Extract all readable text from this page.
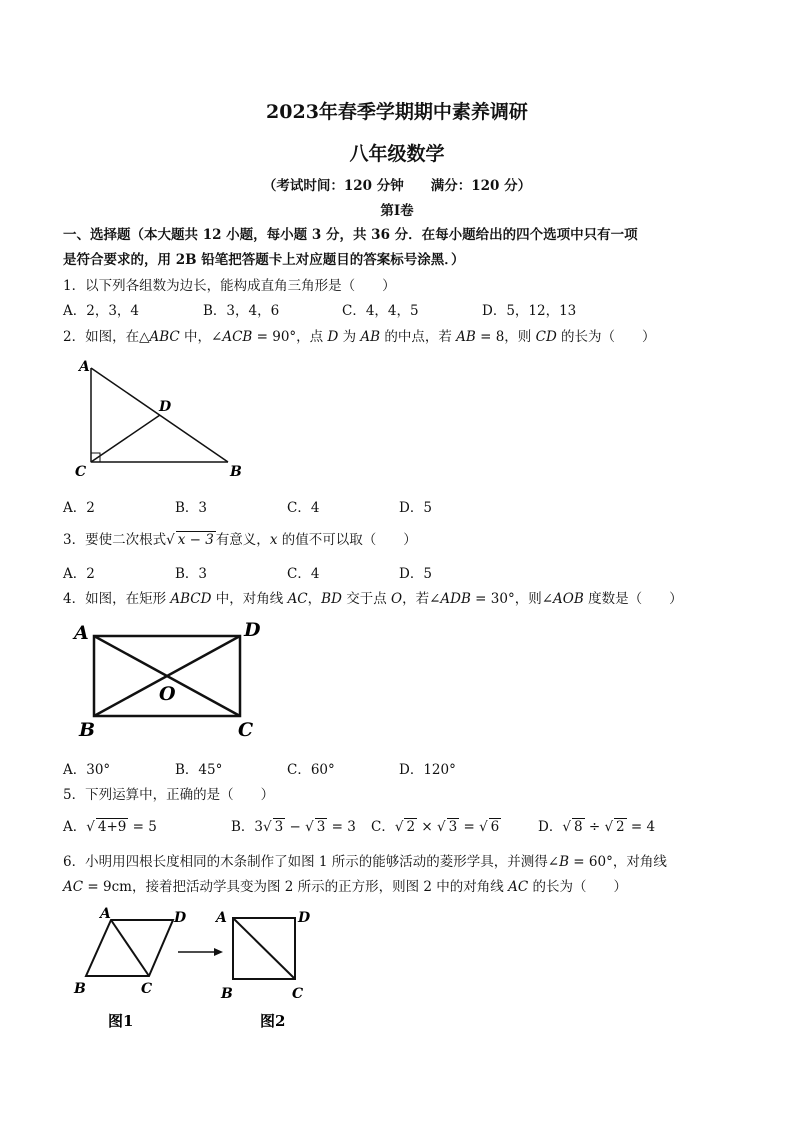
2023年春季学期期中素养调研
八年级数学
（考试时间：120 分钟　　满分：120 分）
第Ⅰ卷
一、选择题（本大题共 12 小题，每小题 3 分，共 36 分．在每小题给出的四个选项中只有一项
是符合要求的，用 2B 铅笔把答题卡上对应题目的答案标号涂黑．）
1．以下列各组数为边长，能构成直角三角形是（　　）
A．2，3，4	B．3，4，6	C．4，4，5	D．5，12，13
2．如图，在△ABC 中，∠ACB = 90°，点 D 为 AB 的中点，若 AB = 8，则 CD 的长为（　　）
A
D
C	B
A．2	B．3	C．4	D．5
3．要使二次根式√ x − 3 有意义，x 的值不可以取（　　）
A．2	B．3	C．4	D．5
4．如图，在矩形 ABCD 中，对角线 AC，BD 交于点 O，若∠ADB = 30°，则∠AOB 度数是（　　）
A	D
O
B	C
A．30°	B．45°	C．60°	D．120°
5．下列运算中，正确的是（　　）
A．√ 4+9 = 5	B．3√ 3 − √ 3 = 3 C．√ 2 × √ 3 = √ 6	D．√ 8 ÷ √ 2 = 4
6．小明用四根长度相同的木条制作了如图 1 所示的能够活动的菱形学具，并测得∠B = 60°，对角线
AC = 9cm，接着把活动学具变为图 2 所示的正方形，则图 2 中的对角线 AC 的长为（　　）
A	D
B	C
图1
A	D
B	C
图2
